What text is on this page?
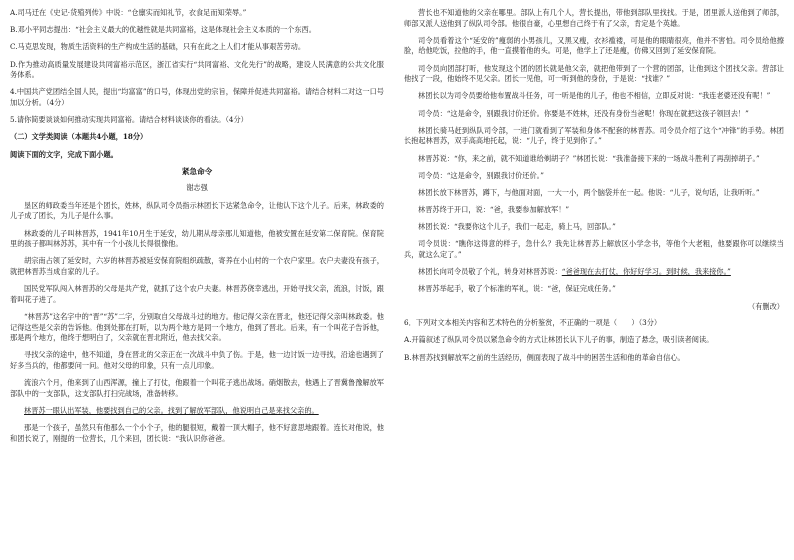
A.司马迁在《史记·货殖列传》中说：“仓廪实而知礼节，衣食足而知荣辱。”

B.邓小平同志提出：“社会主义最大的优越性就是共同富裕，这是体现社会主义本质的一个东西。

C.马克思发现，物质生活资料的生产构成生活的基础，只有在此之上人们才能从事艰苦劳动。

D.作为推动高质量发展建设共同富裕示范区，浙江省实行“共同富裕、文化先行”的战略，建设人民满意的公共文化服务体系。

4.中国共产党团结全国人民，提出“均富富”的口号，体现出党的宗旨，保障并促进共同富裕。请结合材料二对这一口号加以分析。（4分）

5.请你简要谈谈如何推动实现共同富裕。请结合材料谈谈你的看法。（4分）

（二）文学类阅读（本题共4小题，18分）

阅读下面的文字，完成下面小题。

紧急命令

谢志强

垦区的师政委当年还是个团长，姓林，纵队司令员指示林团长下达紧急命令，让他认下这个儿子。后来，林政委的儿子成了团长，为儿子是什么事。

林政委的儿子叫林晋苏，1941年10月生于延安，幼儿期从母亲那儿知道他，他被安置在延安第二保育院。保育院里的孩子都叫林苏苏，其中有一个小孩儿长得很像他。

胡宗南占领了延安时，六岁的林晋苏被延安保育院组织疏散，寄养在小山村的一个农户家里。农户夫妻没有孩子，就把林晋苏当成自家的儿子。

国民党军队闯入林晋苏的父母是共产党，就抓了这个农户夫妻。林晋苏侥幸逃出，开始寻找父亲，流浪，讨饭，跟着叫花子进了。

“林晋苏”这名字中的“晋”“苏”二字，分别取自父母战斗过的地方。他记得父亲在晋北，他还记得父亲叫林政委。他记得这些是父亲的告诉他。他到处都在打听，以为两个地方是同一个地方，他到了晋北。后来，有一个叫花子告诉他，那是两个地方，他终于想明白了，父亲就在晋北附近，他去找父亲。

寻找父亲的途中，他不知道，身在晋北的父亲正在一次战斗中负了伤。于是，他一边讨饭一边寻找，沿途也遇到了好多当兵的，他都要问一问。他对父母的印象，只有一点儿印象。

流浪六个月，他来到了山西浑源，撞上了打仗，他跟着一个叫花子逃出战场。硝烟散去，他遇上了晋冀鲁豫解放军部队中的一支部队，这支部队打扫完战场，准备转移。

林晋苏一眼认出军装，他要找到自己的父亲。找到了解放军部队，他说明自己是来找父亲的。

那是一个孩子，虽然只有他那么一个小个子，他的腿很短，戴着一顶大帽子，他不好意思地跟着。连长对他说，他和团长说了，刚提的一位营长，几个来回，团长说：“我认识你爸爸。

营长也不知道他的父亲在哪里。部队上有几个人，营长提出，带他到部队里找找。于是，团里派人送他到了师部，师部又派人送他到了纵队司令部。他很自豪，心里想自己终于有了父亲，肯定是个英雄。

司令员看着这个“延安的”瘦弱的小男孩儿，又黑又瘦，衣衫褴褛，可是他的眼睛很亮，他并不害怕。司令员给他擦脸，给他吃饭，拉他的手，他一直摸着他的头。可是，他学上了还是瘦，仿佛又回到了延安保育院。

司令员向团部打听，他发现这个团的团长就是他父亲，就把他带到了一个营的团部，让他到这个团找父亲。营部让他找了一段，他始终不见父亲。团长一见他，可一听到他的身份，于是说：“找谁？”

林团长以为司令员要给他布置战斗任务，可一听是他的儿子，他也不相信，立即反对说：“我连老婆还没有呢！”

司令员：“这是命令，别跟我讨价还价。你要是不姓林，还没有身份当爸呢！你现在就把这孩子领回去！”

林团长骑马赶到纵队司令部，一进门就看到了军装和身体不配套的林晋苏。司令员介绍了这个“冲锋”的手势。林团长抱起林晋苏，双手高高地托起，说：“儿子，终于见到你了。”

林晋苏说：“你，来之前，就不知道谁给剃胡子？”林团长说：“我准备接下来的一场战斗胜利了再刮掉胡子。”

司令员：“这是命令，别跟我讨价还价。”

林团长放下林晋苏，蹲下，与他面对面，一大一小，两个脑袋并在一起。他说：“儿子，说句话，让我听听。”

林晋苏终于开口，说：“爸，我要参加解放军！”

林团长说：“我要你这个儿子，我们一起走，骑上马，回部队。”

司令员说：“瞧你这得意的样子，急什么？我先让林晋苏上解放区小学念书，等他个大老粗，他要跟你可以继续当兵，就这么定了。”

林团长向司令员敬了个礼，转身对林晋苏说：“爸爸现在去打仗，你好好学习。到时候，我来接你。”

林晋苏举起手，敬了个标准的军礼，说：“爸，保证完成任务。”

（有删改）

6．下列对文本相关内容和艺术特色的分析鉴赏，不正确的一项是（　　）（3分）

A.开篇叙述了纵队司令员以紧急命令的方式让林团长认下儿子的事，制造了悬念，吸引读者阅读。

B.林晋苏找到解放军之前的生活经历，侧面表现了战斗中的困苦生活和他的革命自信心。
